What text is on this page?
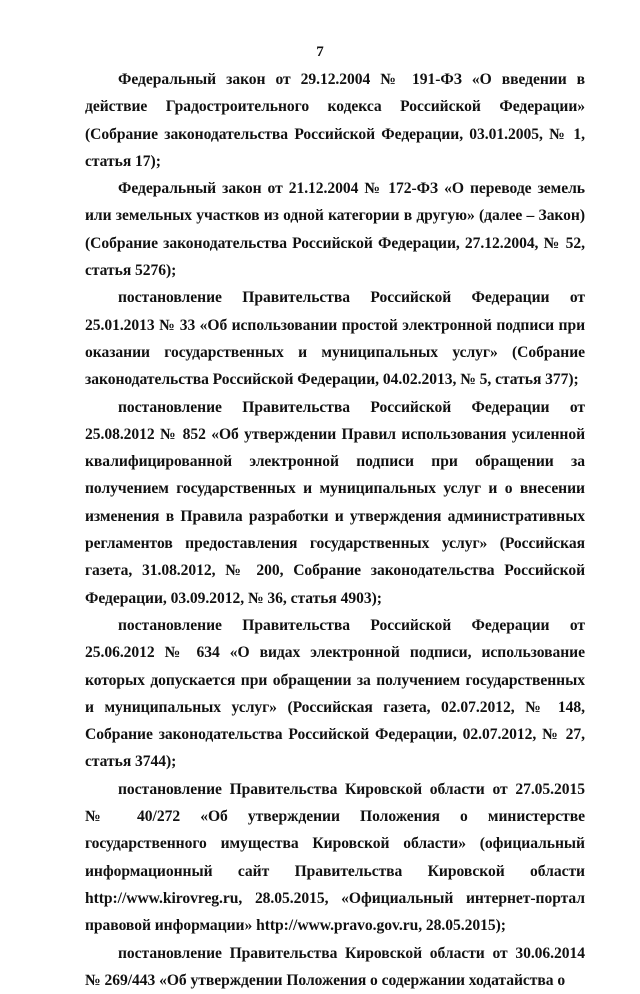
7

Федеральный закон от 29.12.2004 № 191-ФЗ «О введении в действие Градостроительного кодекса Российской Федерации» (Собрание законодательства Российской Федерации, 03.01.2005, № 1, статья 17);

Федеральный закон от 21.12.2004 № 172-ФЗ «О переводе земель или земельных участков из одной категории в другую» (далее – Закон) (Собрание законодательства Российской Федерации, 27.12.2004, № 52, статья 5276);

постановление Правительства Российской Федерации от 25.01.2013 № 33 «Об использовании простой электронной подписи при оказании государственных и муниципальных услуг» (Собрание законодательства Российской Федерации, 04.02.2013, № 5, статья 377);

постановление Правительства Российской Федерации от 25.08.2012 № 852 «Об утверждении Правил использования усиленной квалифицированной электронной подписи при обращении за получением государственных и муниципальных услуг и о внесении изменения в Правила разработки и утверждения административных регламентов предоставления государственных услуг» (Российская газета, 31.08.2012, № 200, Собрание законодательства Российской Федерации, 03.09.2012, № 36, статья 4903);

постановление Правительства Российской Федерации от 25.06.2012 № 634 «О видах электронной подписи, использование которых допускается при обращении за получением государственных и муниципальных услуг» (Российская газета, 02.07.2012, № 148, Собрание законодательства Российской Федерации, 02.07.2012, № 27, статья 3744);

постановление Правительства Кировской области от 27.05.2015 № 40/272 «Об утверждении Положения о министерстве государственного имущества Кировской области» (официальный информационный сайт Правительства Кировской области http://www.kirovreg.ru, 28.05.2015, «Официальный интернет-портал правовой информации» http://www.pravo.gov.ru, 28.05.2015);

постановление Правительства Кировской области от 30.06.2014 № 269/443 «Об утверждении Положения о содержании ходатайства о
